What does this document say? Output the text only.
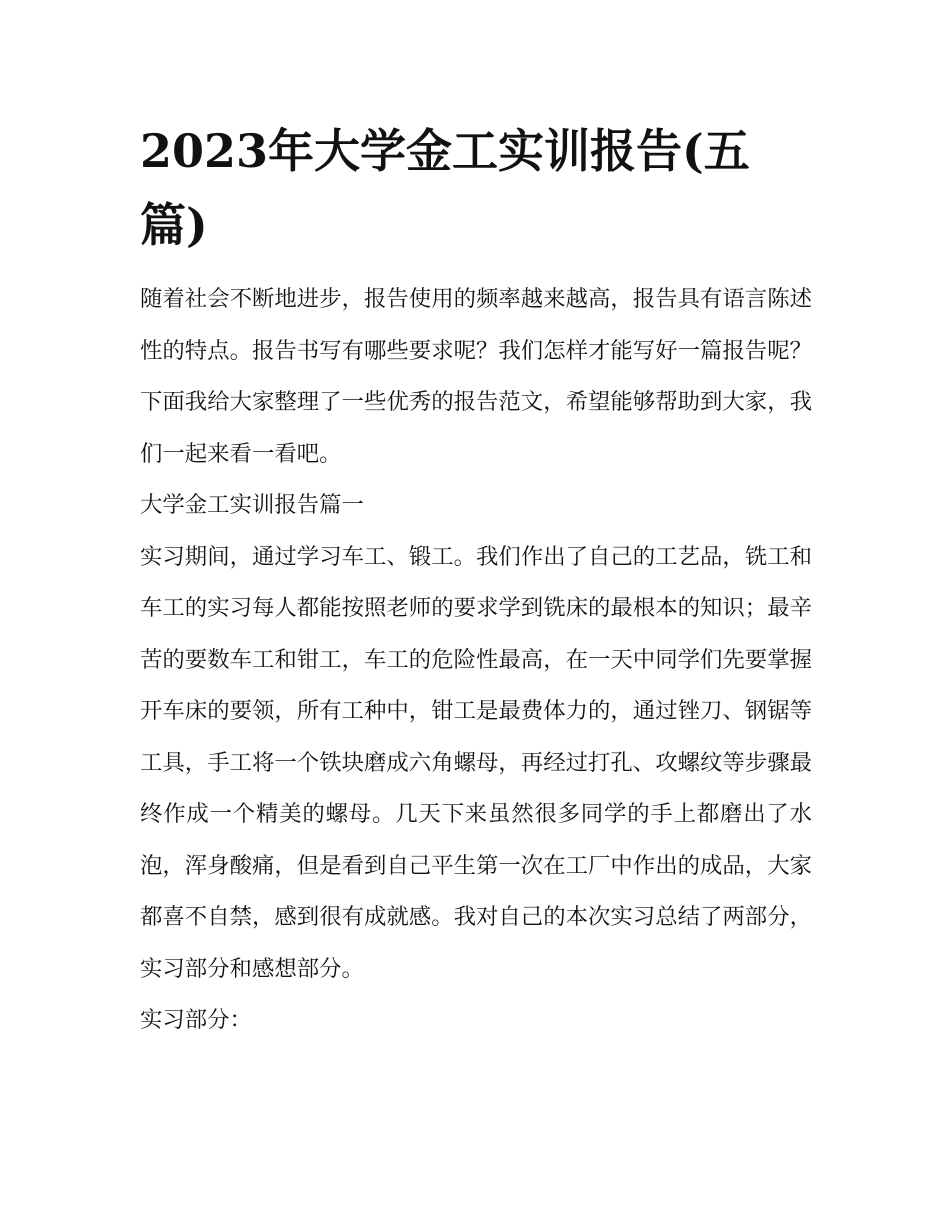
2023年大学金工实训报告(五篇)

随着社会不断地进步，报告使用的频率越来越高，报告具有语言陈述性的特点。报告书写有哪些要求呢？我们怎样才能写好一篇报告呢？下面我给大家整理了一些优秀的报告范文，希望能够帮助到大家，我们一起来看一看吧。

大学金工实训报告篇一

实习期间，通过学习车工、锻工。我们作出了自己的工艺品，铣工和车工的实习每人都能按照老师的要求学到铣床的最根本的知识；最辛苦的要数车工和钳工，车工的危险性最高，在一天中同学们先要掌握开车床的要领，所有工种中，钳工是最费体力的，通过锉刀、钢锯等工具，手工将一个铁块磨成六角螺母，再经过打孔、攻螺纹等步骤最终作成一个精美的螺母。几天下来虽然很多同学的手上都磨出了水泡，浑身酸痛，但是看到自己平生第一次在工厂中作出的成品，大家都喜不自禁，感到很有成就感。我对自己的本次实习总结了两部分，实习部分和感想部分。

实习部分：
